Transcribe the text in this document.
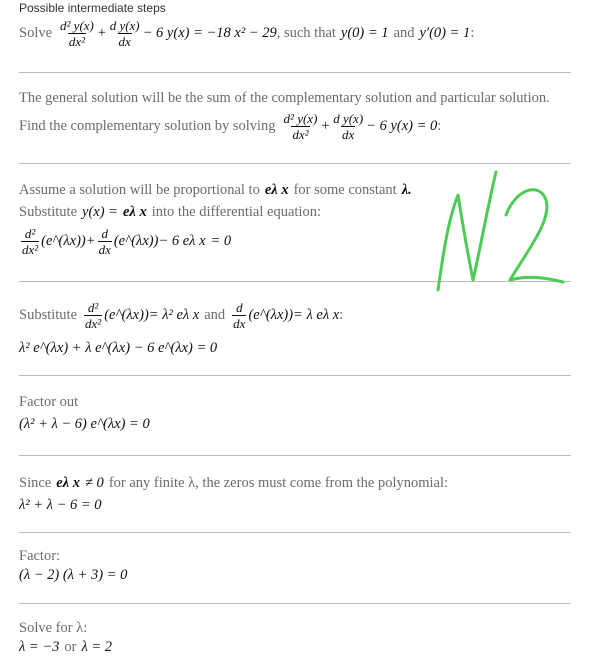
Possible intermediate steps
Solve $\frac{\text{d² y(x)}}{\text{dx²}} + \frac{\text{d y(x)}}{dx} - 6$ y(x) = −18 x² − 29 , such that y(0) = 1 and y′(0) = 1 :
The general solution will be the sum of the complementary solution and particular solution.
Find the complementary solution by solving $\frac{\text{d² y(x)}}{\text{dx²}} + \frac{\text{d y(x)}}{dx} - 6$ y(x) = 0 :
Assume a solution will be proportional to e λ x for some constant λ.
Substitute y(x) = e λ x into the differential equation:
$\frac{\text{d²}}{\text{dx²}}$ (e^(λx)) + $\frac{d}{dx}$ (e^(λx)) − 6 e λ x = 0
Substitute $\frac{\text{d²}}{\text{dx²}}$ (e^(λx)) = λ² e λ x and $\frac{d}{dx}$ (e^(λx)) = λ e λ x :
λ² e^(λx) + λ e^(λx) − 6 e^(λx) = 0
Factor out
(λ² + λ − 6) e^(λx) = 0
Since e λ x ≠ 0 for any finite λ, the zeros must come from the polynomial:
λ² + λ − 6 = 0
Factor:
(λ − 2) (λ + 3) = 0
Solve for λ:
λ = −3 or λ = 2
